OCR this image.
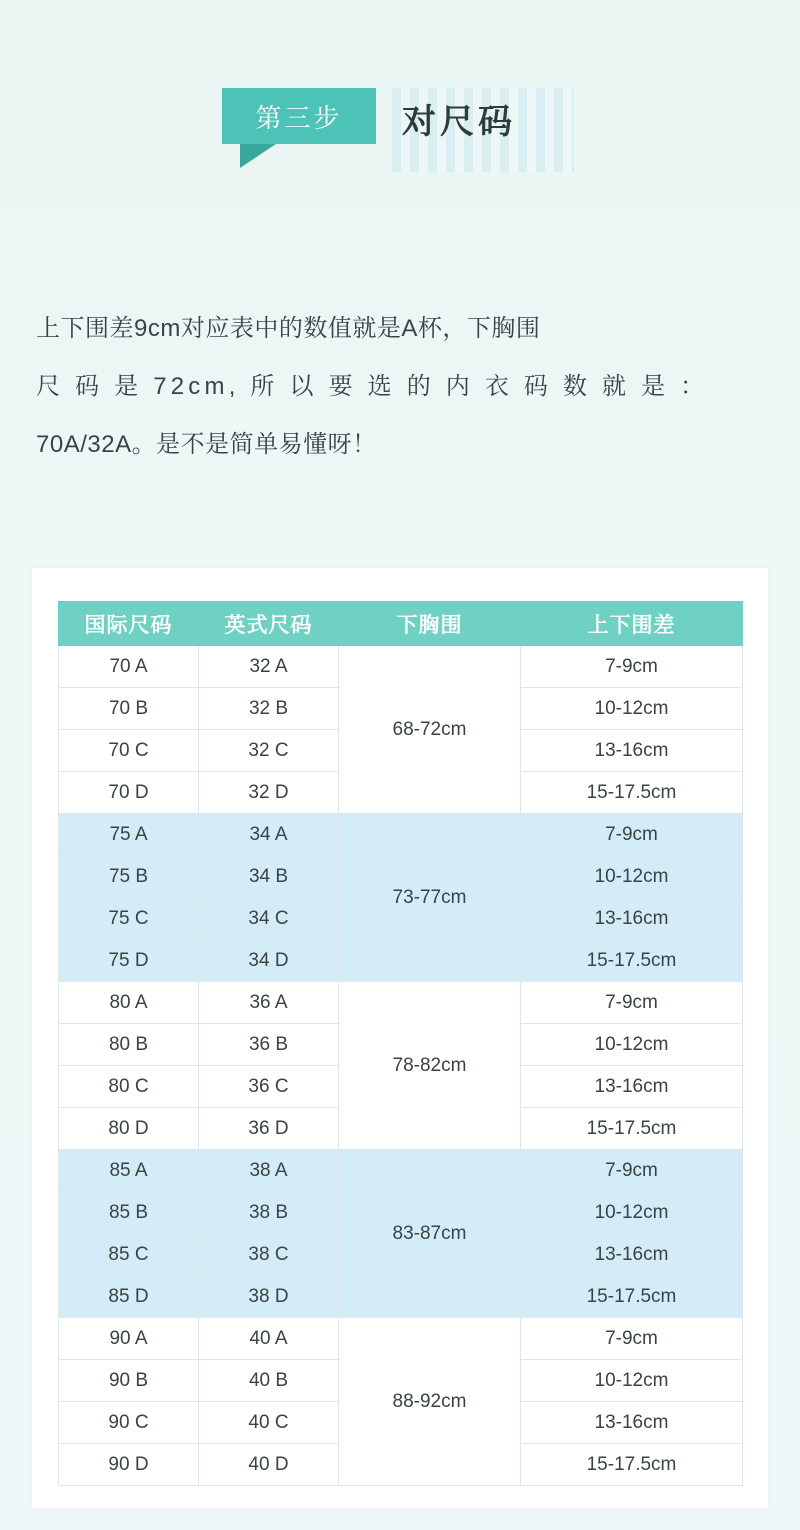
第三步	对尺码
上下围差9cm对应表中的数值就是A杯，下胸围
尺 码 是 72cm, 所 以 要 选 的 内 衣 码 数 就 是 ：
70A/32A。是不是简单易懂呀！
国际尺码	英式尺码	下胸围	上下围差
70 A	32 A	68-72cm	7-9cm
70 B	32 B		10-12cm
70 C	32 C		13-16cm
70 D	32 D		15-17.5cm
75 A	34 A	73-77cm	7-9cm
75 B	34 B		10-12cm
75 C	34 C		13-16cm
75 D	34 D		15-17.5cm
80 A	36 A	78-82cm	7-9cm
80 B	36 B		10-12cm
80 C	36 C		13-16cm
80 D	36 D		15-17.5cm
85 A	38 A	83-87cm	7-9cm
85 B	38 B		10-12cm
85 C	38 C		13-16cm
85 D	38 D		15-17.5cm
90 A	40 A	88-92cm	7-9cm
90 B	40 B		10-12cm
90 C	40 C		13-16cm
90 D	40 D		15-17.5cm
